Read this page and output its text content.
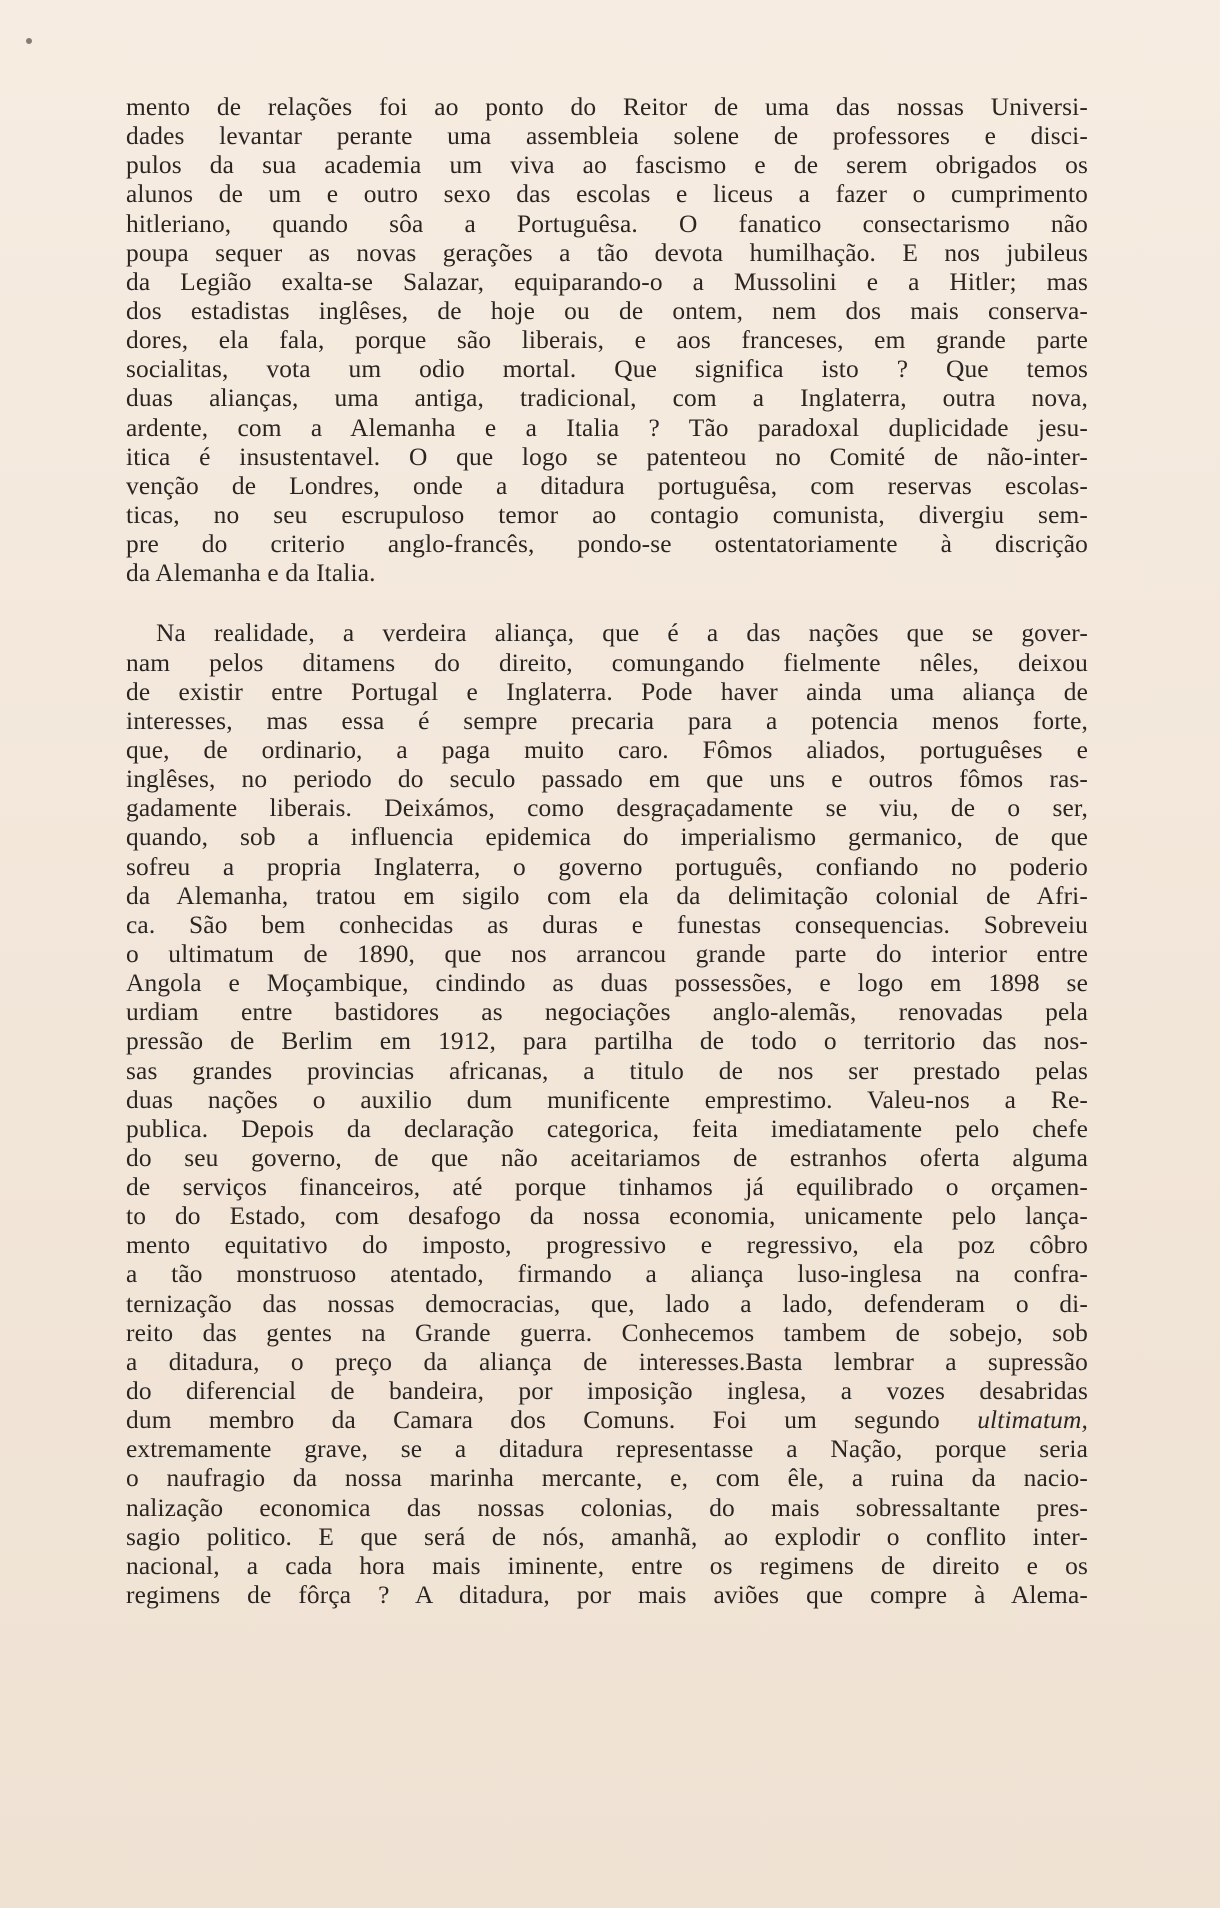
mento de relações foi ao ponto do Reitor de uma das nossas Universi-
dades levantar perante uma assembleia solene de professores e disci-
pulos da sua academia um viva ao fascismo e de serem obrigados os
alunos de um e outro sexo das escolas e liceus a fazer o cumprimento
hitleriano, quando sôa a Portuguêsa. O fanatico consectarismo não
poupa sequer as novas gerações a tão devota humilhação. E nos jubileus
da Legião exalta-se Salazar, equiparando-o a Mussolini e a Hitler; mas
dos estadistas inglêses, de hoje ou de ontem, nem dos mais conserva-
dores, ela fala, porque são liberais, e aos franceses, em grande parte
socialitas, vota um odio mortal. Que significa isto ? Que temos
duas alianças, uma antiga, tradicional, com a Inglaterra, outra nova,
ardente, com a Alemanha e a Italia ? Tão paradoxal duplicidade jesu-
itica é insustentavel. O que logo se patenteou no Comité de não-inter-
venção de Londres, onde a ditadura portuguêsa, com reservas escolas-
ticas, no seu escrupuloso temor ao contagio comunista, divergiu sem-
pre do criterio anglo-francês, pondo-se ostentatoriamente à discrição
da Alemanha e da Italia.
Na realidade, a verdeira aliança, que é a das nações que se gover-
nam pelos ditamens do direito, comungando fielmente nêles, deixou
de existir entre Portugal e Inglaterra. Pode haver ainda uma aliança de
interesses, mas essa é sempre precaria para a potencia menos forte,
que, de ordinario, a paga muito caro. Fômos aliados, portuguêses e
inglêses, no periodo do seculo passado em que uns e outros fômos ras-
gadamente liberais. Deixámos, como desgraçadamente se viu, de o ser,
quando, sob a influencia epidemica do imperialismo germanico, de que
sofreu a propria Inglaterra, o governo português, confiando no poderio
da Alemanha, tratou em sigilo com ela da delimitação colonial de Afri-
ca. São bem conhecidas as duras e funestas consequencias. Sobreveiu
o ultimatum de 1890, que nos arrancou grande parte do interior entre
Angola e Moçambique, cindindo as duas possessões, e logo em 1898 se
urdiam entre bastidores as negociações anglo-alemãs, renovadas pela
pressão de Berlim em 1912, para partilha de todo o territorio das nos-
sas grandes provincias africanas, a titulo de nos ser prestado pelas
duas nações o auxilio dum munificente emprestimo. Valeu-nos a Re-
publica. Depois da declaração categorica, feita imediatamente pelo chefe
do seu governo, de que não aceitariamos de estranhos oferta alguma
de serviços financeiros, até porque tinhamos já equilibrado o orçamen-
to do Estado, com desafogo da nossa economia, unicamente pelo lança-
mento equitativo do imposto, progressivo e regressivo, ela poz côbro
a tão monstruoso atentado, firmando a aliança luso-inglesa na confra-
ternização das nossas democracias, que, lado a lado, defenderam o di-
reito das gentes na Grande guerra. Conhecemos tambem de sobejo, sob
a ditadura, o preço da aliança de interesses.Basta lembrar a supressão
do diferencial de bandeira, por imposição inglesa, a vozes desabridas
dum membro da Camara dos Comuns. Foi um segundo ultimatum,
extremamente grave, se a ditadura representasse a Nação, porque seria
o naufragio da nossa marinha mercante, e, com êle, a ruina da nacio-
nalização economica das nossas colonias, do mais sobressaltante pres-
sagio politico. E que será de nós, amanhã, ao explodir o conflito inter-
nacional, a cada hora mais iminente, entre os regimens de direito e os
regimens de fôrça ? A ditadura, por mais aviões que compre à Alema-
